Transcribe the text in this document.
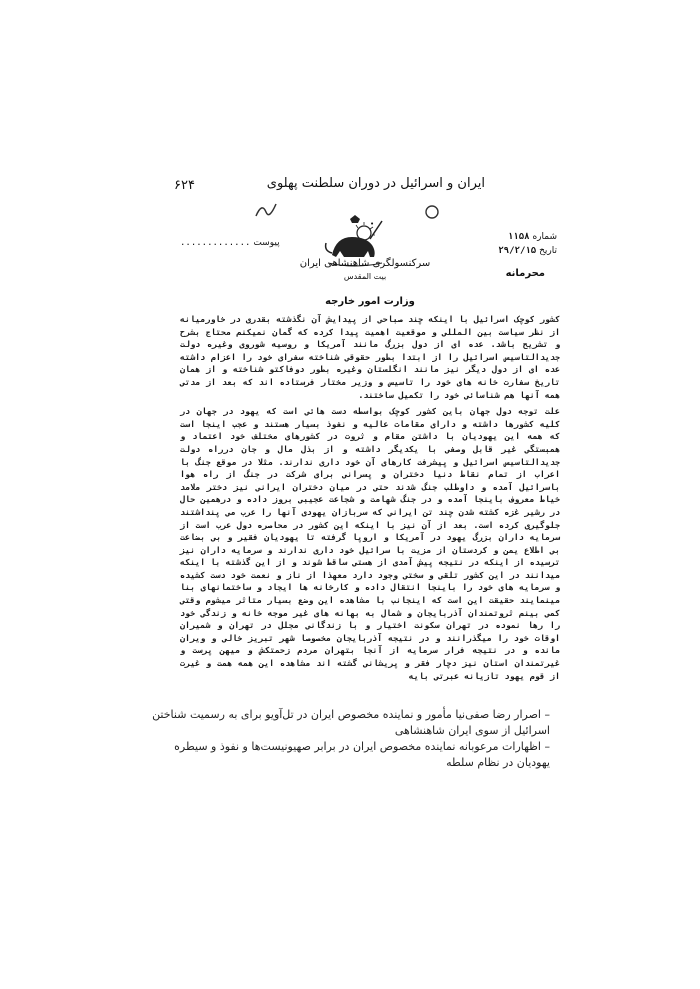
۶۲۴	ایران و اسرائیل در دوران سلطنت پهلوی
•
سرکنسولگری شاهنشاهی ایران
بیت المقدس
شماره ۱۱۵۸
تاریخ ۲۹/۲/۱۵
محرمانه
پیوست .............
وزارت امور خارجه

کشور کوچک اسرائیل با اینکه چند صباحی از پیدایش آن نگذشته بقدری در خاورمیانه از نظر سیاست بین المللی و موقعیت اهمیت پیدا کرده که گمان نمیکنم محتاج بشرح و تشریح باشد. عده ای از دول بزرگ مانند آمریکا و روسیه شوروی وغیره دولت جدیدالتاسیس اسرائیل را از ابتدا بطور حقوقی شناخته سفرای خود را اعزام داشته عده ای از دول دیگر نیز مانند انگلستان وغیره بطور دوفاکتو شناخته و از همان تاریخ سفارت خانه های خود را تاسیس و وزیر مختار فرستاده اند که بعد از مدتی همه آنها هم شناسائی خود را تکمیل ساختند.

علت توجه دول جهان باین کشور کوچک بواسطه دست هائی است که یهود در جهان در کلیه کشورها داشته و دارای مقامات عالیه و نفوذ بسیار هستند و عجب اینجا است که همه این یهودیان با داشتن مقام و ثروت در کشورهای مختلف خود اعتماد و همبستگی غیر قابل وصفی با یکدیگر داشته و از بذل مال و جان درراه دولت جدیدالتاسیس اسرائیل و پیشرفت کارهای آن خود داری ندارند. مثلا در موقع جنگ با اعراب از تمام نقاط دنیا دختران و پسرانی برای شرکت در جنگ از راه هوا باسرائیل آمده و داوطلب جنگ شدند حتی در میان دختران ایرانی نیز دختر ملامد خیاط معروف باینجا آمده و در جنگ شهامت و شجاعت عجیبی بروز داده و درهمین حال در رشیر غزه کشته شدن چند تن ایرانی که سربازان یهودی آنها را عرب می پنداشتند جلوگیری کرده است. بعد از آن نیز با اینکه این کشور در محاصره دول عرب است از سرمایه داران بزرگ یهود در آمریکا و اروپا گرفته تا یهودیان فقیر و بی بضاعت بی اطلاع یمن و کردستان از مزیت با سرائیل خود داری ندارند و سرمایه داران نیز ترسیده از اینکه در نتیجه پیش آمدی از هستی ساقط شوند و از این گذشته با اینکه میدانند در این کشور تلقی و سختی وجود دارد معهذا از ناز و نعمت خود دست کشیده و سرمایه های خود را باینجا انتقال داده و کارخانه ها ایجاد و ساختمانهای بنا مینمایند حقیقت این است که اینجانب با مشاهده این وضع بسیار متاثر میشوم وقتی کمی بینم ثروتمندان آذربایجان و شمال به بهانه های غیر موجه خانه و زندگی خود را رها نموده در تهران سکونت اختیار و با زندگانی مجلل در تهران و شمیران اوقات خود را میگذرانند و در نتیجه آذربایجان مخصوصا شهر تبریز خالی و ویران مانده و در نتیجه فرار سرمایه از آنجا بتهران مردم زحمتکش و میهن پرست و غیرتمندان استان نیز دچار فقر و پریشانی گشته اند مشاهده این همه همت و غیرت از قوم یهود تازیانه عبرتی بایه

– اصرار رضا صفی‌نیا مأمور و نماینده مخصوص ایران در تل‌آویو برای به رسمیت شناختن اسرائیل از سوی ایران شاهنشاهی

– اظهارات مرعوبانه نماینده مخصوص ایران در برابر صهیونیست‌ها و نفوذ و سیطره یهودیان در نظام سلطه
